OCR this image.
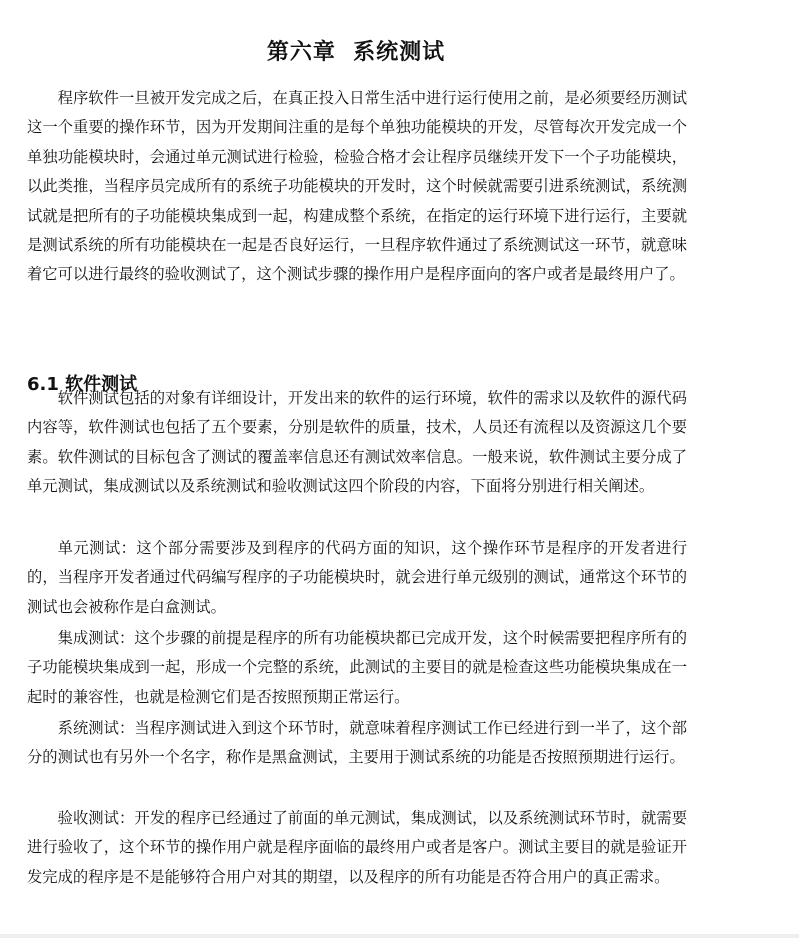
第六章  系统测试

程序软件一旦被开发完成之后，在真正投入日常生活中进行运行使用之前，是必须要经历测试这一个重要的操作环节，因为开发期间注重的是每个单独功能模块的开发，尽管每次开发完成一个单独功能模块时，会通过单元测试进行检验，检验合格才会让程序员继续开发下一个子功能模块，以此类推，当程序员完成所有的系统子功能模块的开发时，这个时候就需要引进系统测试，系统测试就是把所有的子功能模块集成到一起，构建成整个系统，在指定的运行环境下进行运行，主要就是测试系统的所有功能模块在一起是否良好运行，一旦程序软件通过了系统测试这一环节，就意味着它可以进行最终的验收测试了，这个测试步骤的操作用户是程序面向的客户或者是最终用户了。

6.1 软件测试

软件测试包括的对象有详细设计，开发出来的软件的运行环境，软件的需求以及软件的源代码内容等，软件测试也包括了五个要素，分别是软件的质量，技术，人员还有流程以及资源这几个要素。软件测试的目标包含了测试的覆盖率信息还有测试效率信息。一般来说，软件测试主要分成了单元测试，集成测试以及系统测试和验收测试这四个阶段的内容，下面将分别进行相关阐述。

单元测试：这个部分需要涉及到程序的代码方面的知识，这个操作环节是程序的开发者进行的，当程序开发者通过代码编写程序的子功能模块时，就会进行单元级别的测试，通常这个环节的测试也会被称作是白盒测试。

集成测试：这个步骤的前提是程序的所有功能模块都已完成开发，这个时候需要把程序所有的子功能模块集成到一起，形成一个完整的系统，此测试的主要目的就是检查这些功能模块集成在一起时的兼容性，也就是检测它们是否按照预期正常运行。

系统测试：当程序测试进入到这个环节时，就意味着程序测试工作已经进行到一半了，这个部分的测试也有另外一个名字，称作是黑盒测试，主要用于测试系统的功能是否按照预期进行运行。

验收测试：开发的程序已经通过了前面的单元测试，集成测试，以及系统测试环节时，就需要进行验收了，这个环节的操作用户就是程序面临的最终用户或者是客户。测试主要目的就是验证开发完成的程序是不是能够符合用户对其的期望，以及程序的所有功能是否符合用户的真正需求。
